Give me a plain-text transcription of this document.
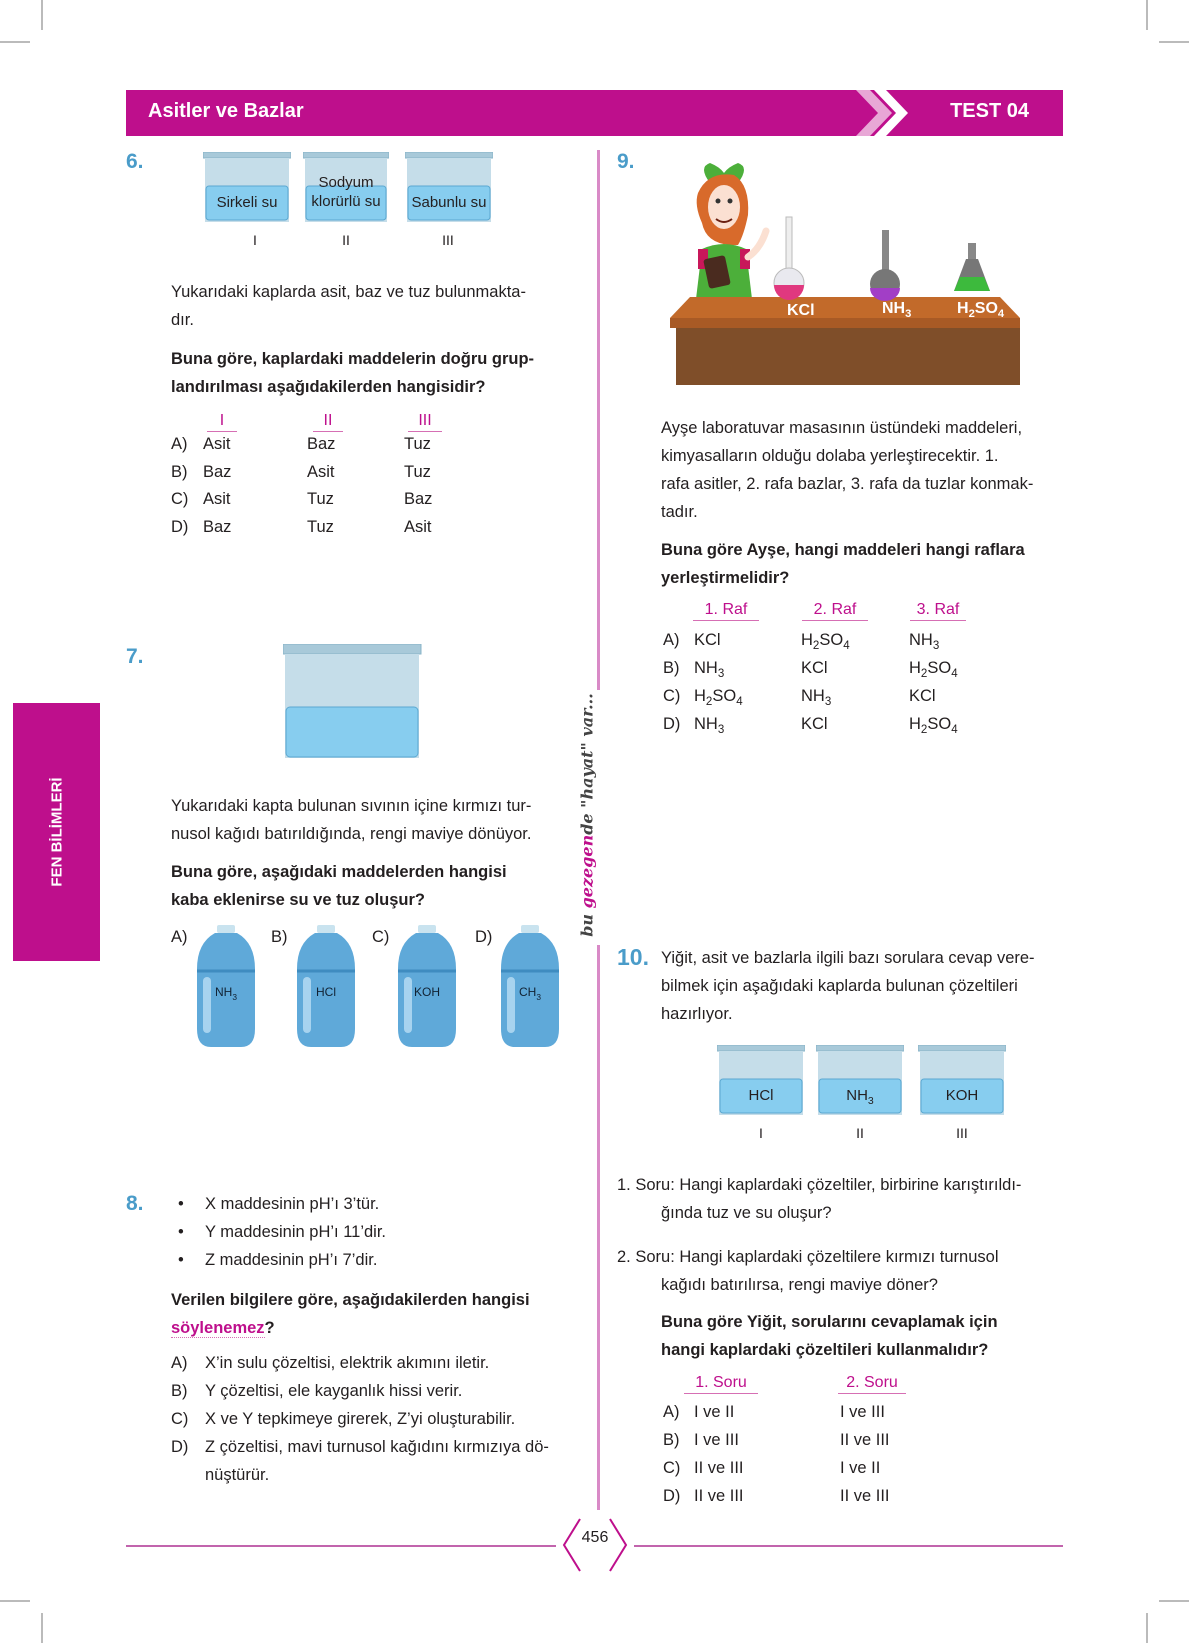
Asitler ve Bazlar	TEST 04
FEN BİLİMLERİ
bu gezegende "hayat" var...
6.
Sirkeli su
Sodyum
klorürlü su	Sabunlu su
I	II	III
Yukarıdaki kaplarda asit, baz ve tuz bulunmakta-
dır.
Buna göre, kaplardaki maddelerin doğru grup-
landırılması aşağıdakilerden hangisidir?
I	II	III
A) Asit	Baz	Tuz
B) Baz	Asit	Tuz
C) Asit	Tuz	Baz
D) Baz	Tuz	Asit
7.
Yukarıdaki kapta bulunan sıvının içine kırmızı tur-
nusol kağıdı batırıldığında, rengi maviye dönüyor.
Buna göre, aşağıdaki maddelerden hangisi
kaba eklenirse su ve tuz oluşur?
A)
$NH_3$
B)
HCl
C)
KOH
D)
$CH_3$
8. • X maddesinin pH’ı 3’tür.
• Y maddesinin pH’ı 11’dir.
• Z maddesinin pH’ı 7’dir.
Verilen bilgilere göre, aşağıdakilerden hangisi
söylenemez?
A) X’in sulu çözeltisi, elektrik akımını iletir.
B) Y çözeltisi, ele kayganlık hissi verir.
C) X ve Y tepkimeye girerek, Z’yi oluşturabilir.
D) Z çözeltisi, mavi turnusol kağıdını kırmızıya dö-
nüştürür.
9.
KCl	$NH_3$	$H_2SO_4$
Ayşe laboratuvar masasının üstündeki maddeleri,
kimyasalların olduğu dolaba yerleştirecektir. 1.
rafa asitler, 2. rafa bazlar, 3. rafa da tuzlar konmak-
tadır.
Buna göre Ayşe, hangi maddeleri hangi raflara
yerleştirmelidir?
1. Raf	2. Raf	3. Raf
A) KCl	$H_2SO_4$	$NH_3$
B) $NH_3$	KCl	$H_2SO_4$
C) $H_2SO_4$	$NH_3$	KCl
D) $NH_3$	KCl	$H_2SO_4$
10. Yiğit, asit ve bazlarla ilgili bazı sorulara cevap vere-
bilmek için aşağıdaki kaplarda bulunan çözeltileri
hazırlıyor.
HCl
I
$NH_3$
II
KOH
III
1. Soru: Hangi kaplardaki çözeltiler, birbirine karıştırıldı-
ğında tuz ve su oluşur?
2. Soru: Hangi kaplardaki çözeltilere kırmızı turnusol
kağıdı batırılırsa, rengi maviye döner?
Buna göre Yiğit, sorularını cevaplamak için
hangi kaplardaki çözeltileri kullanmalıdır?
1. Soru	2. Soru
A) I ve II	I ve III
B) I ve III	II ve III
C) II ve III	I ve II
D) II ve III	II ve III
456
